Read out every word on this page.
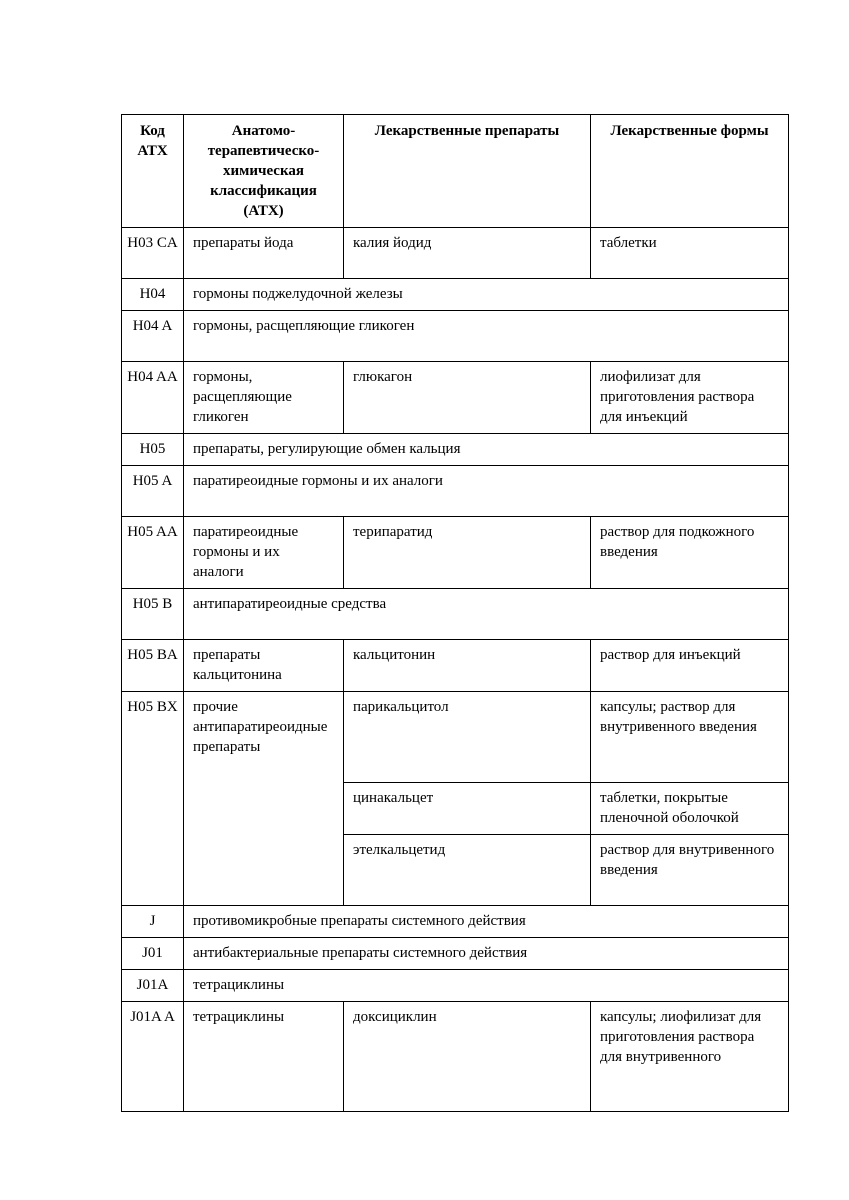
Код АТХ	Анатомо-терапевтическо-химическая классификация (АТХ)	Лекарственные препараты	Лекарственные формы
H03 CA	препараты йода	калия йодид	таблетки
H04	гормоны поджелудочной железы		
H04 A	гормоны, расщепляющие гликоген		
H04 AA	гормоны, расщепляющие гликоген	глюкагон	лиофилизат для приготовления раствора для инъекций
H05	препараты, регулирующие обмен кальция		
H05 A	паратиреоидные гормоны и их аналоги		
H05 AA	паратиреоидные гормоны и их аналоги	терипаратид	раствор для подкожного введения
H05 B	антипаратиреоидные средства		
H05 BA	препараты кальцитонина	кальцитонин	раствор для инъекций
H05 BX	прочие антипаратиреоидные препараты	парикальцитол	капсулы; раствор для внутривенного введения
		цинакальцет	таблетки, покрытые пленочной оболочкой
		этелкальцетид	раствор для внутривенного введения
J	противомикробные препараты системного действия		
J01	антибактериальные препараты системного действия		
J01A	тетрациклины		
J01A A	тетрациклины	доксициклин	капсулы; лиофилизат для приготовления раствора для внутривенного
